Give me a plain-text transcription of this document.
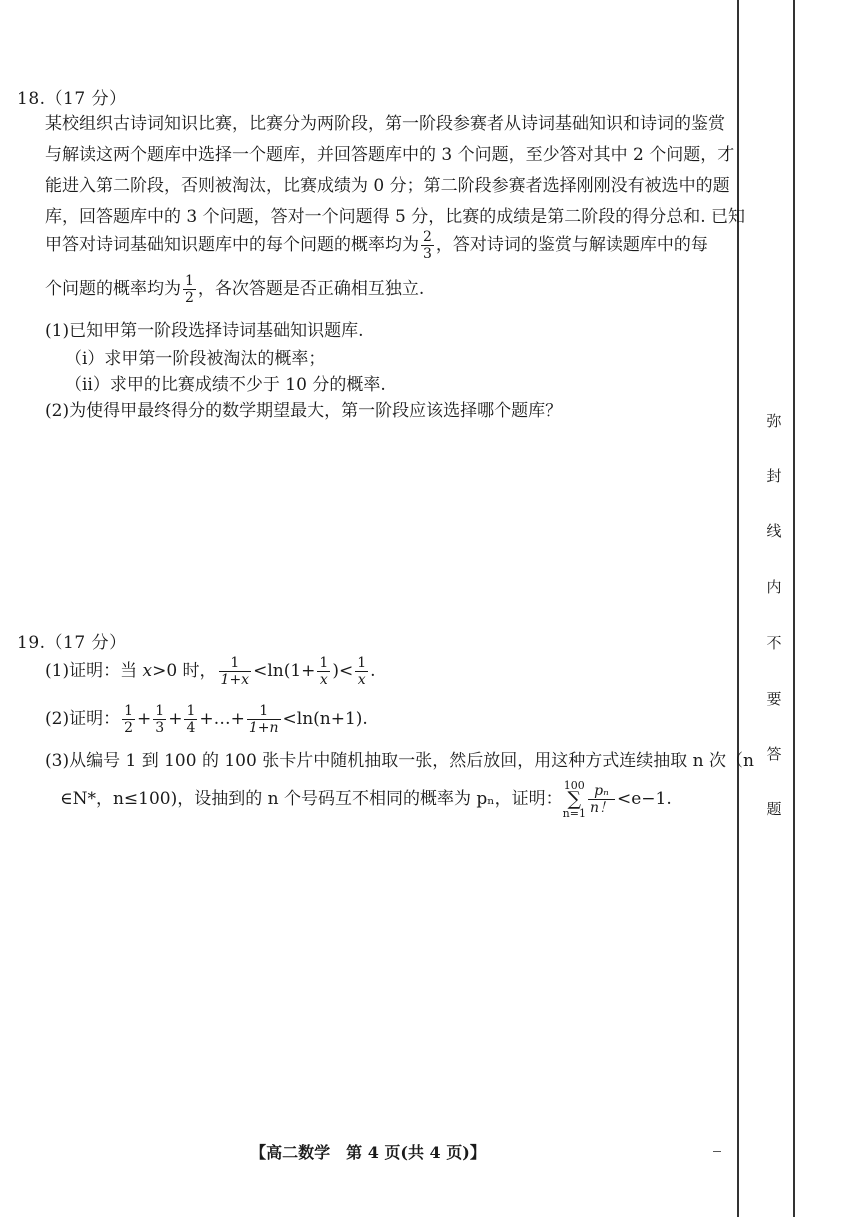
18.（17 分）
某校组织古诗词知识比赛，比赛分为两阶段，第一阶段参赛者从诗词基础知识和诗词的鉴赏
与解读这两个题库中选择一个题库，并回答题库中的 3 个问题，至少答对其中 2 个问题，才
能进入第二阶段，否则被淘汰，比赛成绩为 0 分；第二阶段参赛者选择刚刚没有被选中的题
库，回答题库中的 3 个问题，答对一个问题得 5 分，比赛的成绩是第二阶段的得分总和. 已知
甲答对诗词基础知识题库中的每个问题的概率均为 $\frac{2}{3}$ ，答对诗词的鉴赏与解读题库中的每
个问题的概率均为 $\frac{1}{2}$ ，各次答题是否正确相互独立.
(1)已知甲第一阶段选择诗词基础知识题库.
（ⅰ）求甲第一阶段被淘汰的概率；
（ⅱ）求甲的比赛成绩不少于 10 分的概率.
(2)为使得甲最终得分的数学期望最大，第一阶段应该选择哪个题库？
19.（17 分）
(1)证明：当 x>0 时， $\frac{1}{1+x} <\ln(1+ \frac{1}{x}$ )< $\frac{1}{x}$ .
(2)证明： $\frac{1}{2} + \frac{1}{3} + \frac{1}{4}$ +…+ $\frac{1}{1+n} <\ln(n+1)$.
(3)从编号 1 到 100 的 100 张卡片中随机抽取一张，然后放回，用这种方式连续抽取 n 次（n
∈N*，n≤100)，设抽到的 n 个号码互不相同的概率为 pₙ，证明：100
∑
$n=1 \frac{\text{pₙ}}{n!} <e-1$.
弥
封
线
内
不
要
答
题
【高二数学　第 4 页(共 4 页)】
